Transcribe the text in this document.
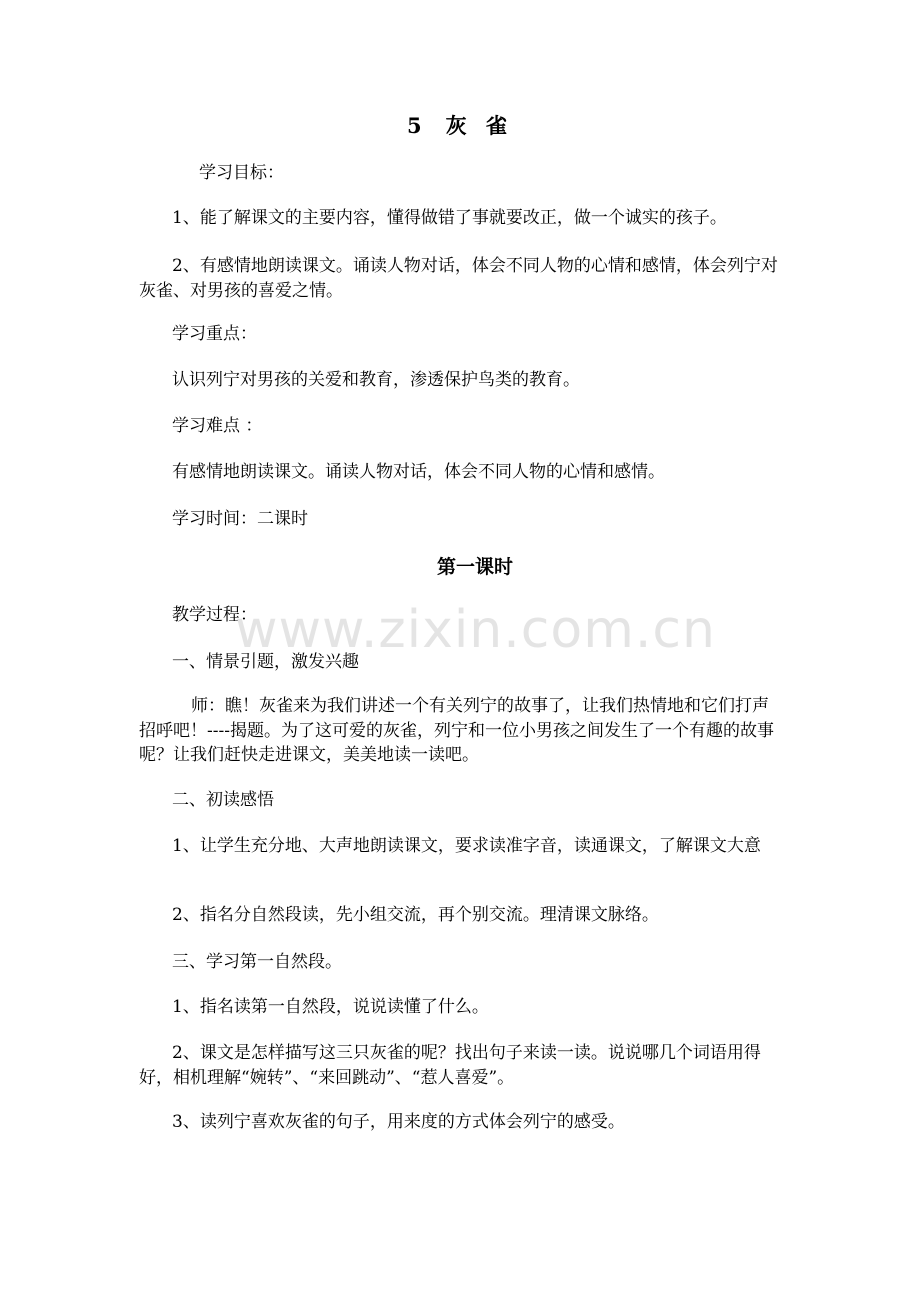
5 灰 雀

学习目标：

1、能了解课文的主要内容，懂得做错了事就要改正，做一个诚实的孩子。

2、有感情地朗读课文。诵读人物对话，体会不同人物的心情和感情，体会列宁对灰雀、对男孩的喜爱之情。

学习重点：

认识列宁对男孩的关爱和教育，渗透保护鸟类的教育。

学习难点 ：

有感情地朗读课文。诵读人物对话，体会不同人物的心情和感情。

学习时间：二课时

第一课时

教学过程：

www.zixin.com.cn

一、情景引题，激发兴趣

师：瞧！灰雀来为我们讲述一个有关列宁的故事了，让我们热情地和它们打声招呼吧！----揭题。为了这可爱的灰雀，列宁和一位小男孩之间发生了一个有趣的故事呢？让我们赶快走进课文，美美地读一读吧。

二、初读感悟

1、让学生充分地、大声地朗读课文，要求读准字音，读通课文，了解课文大意

2、指名分自然段读，先小组交流，再个别交流。理清课文脉络。

三、学习第一自然段。

1、指名读第一自然段，说说读懂了什么。

2、课文是怎样描写这三只灰雀的呢？找出句子来读一读。说说哪几个词语用得好，相机理解“婉转”、“来回跳动”、“惹人喜爱”。

3、读列宁喜欢灰雀的句子，用来度的方式体会列宁的感受。
